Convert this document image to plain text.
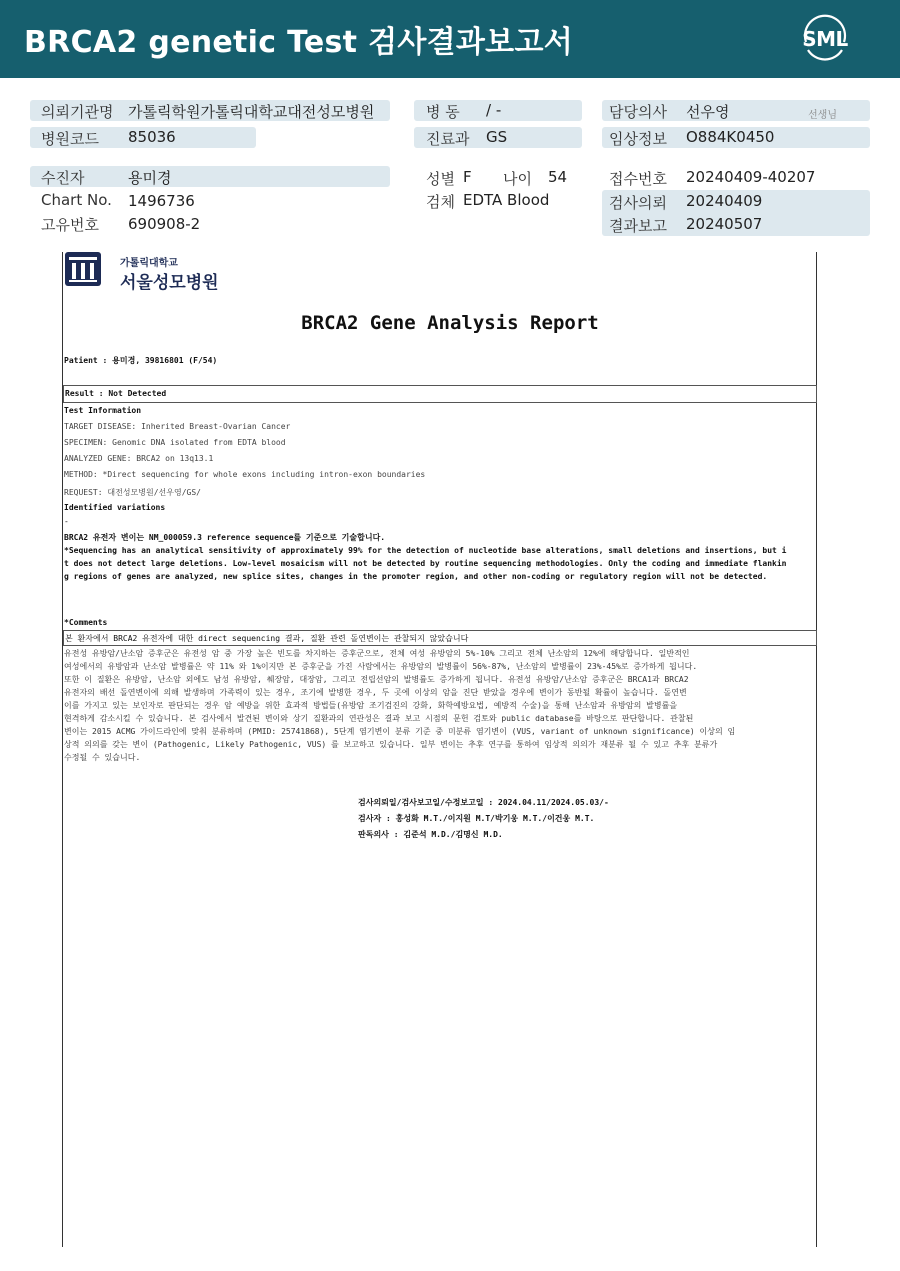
BRCA2 genetic Test 검사결과보고서	SML
의뢰기관명 가톨릭학원가톨릭대학교대전성모병원	병 동 / -	담당의사 선우영	선생님
병원코드 85036	진료과 GS	임상정보 O884K0450
수진자	용미경	성별 F 나이 54	접수번호 20240409-40207
Chart No. 1496736	검체 EDTA Blood	검사의뢰 20240409
고유번호 690908-2	결과보고 20240507
가톨릭대학교
서울성모병원
BRCA2 Gene Analysis Report
Patient : 용미경, 39816801 (F/54)
Result : Not Detected
Test Information
TARGET DISEASE: Inherited Breast-Ovarian Cancer
SPECIMEN: Genomic DNA isolated from EDTA blood
ANALYZED GENE: BRCA2 on 13q13.1
METHOD: *Direct sequencing for whole exons including intron-exon boundaries
REQUEST: 대전성모병원/선우영/GS/
Identified variations
-
BRCA2 유전자 변이는 NM_000059.3 reference sequence를 기준으로 기술합니다.
*Sequencing has an analytical sensitivity of approximately 99% for the detection of nucleotide base alterations, small deletions and insertions, but i
t does not detect large deletions. Low-level mosaicism will not be detected by routine sequencing methodologies. Only the coding and immediate flankin
g regions of genes are analyzed, new splice sites, changes in the promoter region, and other non-coding or regulatory region will not be detected.
*Comments
본 환자에서 BRCA2 유전자에 대한 direct sequencing 결과, 질환 관련 돌연변이는 관찰되지 않았습니다
유전성 유방암/난소암 증후군은 유전성 암 중 가장 높은 빈도를 차지하는 증후군으로, 전체 여성 유방암의 5%-10% 그리고 전체 난소암의 12%에 해당합니다. 일반적인
여성에서의 유방암과 난소암 발병률은 약 11% 와 1%이지만 본 증후군을 가진 사람에서는 유방암의 발병률이 56%-87%, 난소암의 발병률이 23%-45%로 증가하게 됩니다.
또한 이 질환은 유방암, 난소암 외에도 남성 유방암, 췌장암, 대장암, 그리고 전립선암의 발병률도 증가하게 됩니다. 유전성 유방암/난소암 증후군은 BRCA1과 BRCA2
유전자의 배선 돌연변이에 의해 발생하며 가족력이 있는 경우, 조기에 발병한 경우, 두 곳에 이상의 암을 진단 받았을 경우에 변이가 동반될 확률이 높습니다. 돌연변
이를 가지고 있는 보인자로 판단되는 경우 암 예방을 위한 효과적 방법들(유방암 조기검진의 강화, 화학예방요법, 예방적 수술)을 통해 난소암과 유방암의 발병률을
현격하게 감소시킬 수 있습니다. 본 검사에서 발견된 변이와 상기 질환과의 연관성은 결과 보고 시점의 문헌 검토와 public database를 바탕으로 판단합니다. 관찰된
변이는 2015 ACMG 가이드라인에 맞춰 분류하며 (PMID: 25741868), 5단계 염기변이 분류 기준 중 미분류 염기변이 (VUS, variant of unknown significance) 이상의 임
상적 의의를 갖는 변이 (Pathogenic, Likely Pathogenic, VUS) 를 보고하고 있습니다. 일부 변이는 추후 연구를 통하여 임상적 의의가 재분류 될 수 있고 추후 분류가
수정될 수 있습니다.
검사의뢰일/검사보고일/수정보고일 : 2024.04.11/2024.05.03/-
검사자 : 홍성화 M.T./이지원 M.T/박기웅 M.T./이건웅 M.T.
판독의사 : 김준석 M.D./김명신 M.D.
